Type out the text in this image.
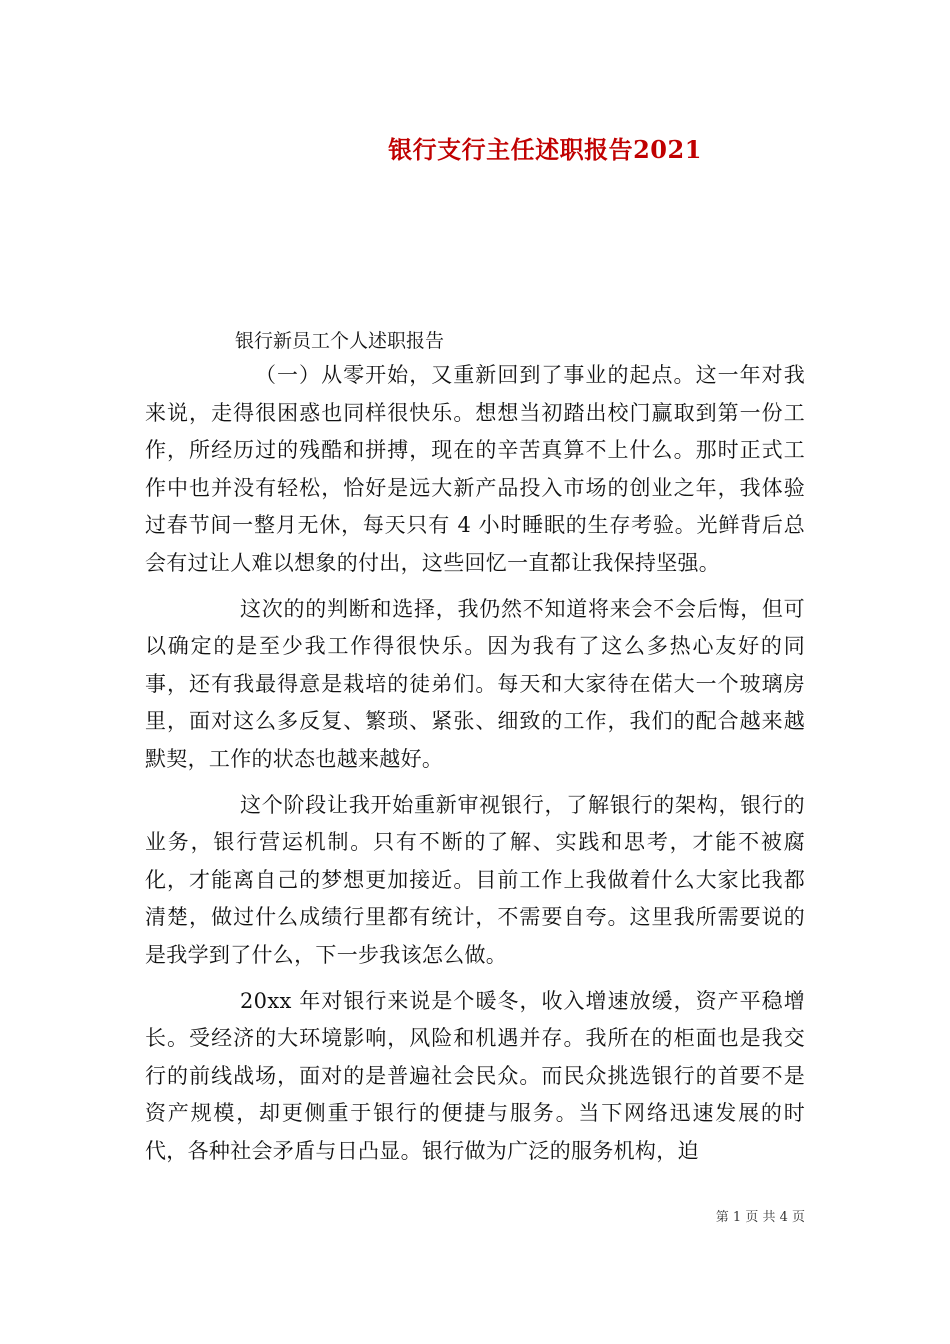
银行支行主任述职报告2021

银行新员工个人述职报告

（一）从零开始，又重新回到了事业的起点。这一年对我来说，走得很困惑也同样很快乐。想想当初踏出校门赢取到第一份工作，所经历过的残酷和拼搏，现在的辛苦真算不上什么。那时正式工作中也并没有轻松，恰好是远大新产品投入市场的创业之年，我体验过春节间一整月无休，每天只有 4 小时睡眠的生存考验。光鲜背后总会有过让人难以想象的付出，这些回忆一直都让我保持坚强。

这次的的判断和选择，我仍然不知道将来会不会后悔，但可以确定的是至少我工作得很快乐。因为我有了这么多热心友好的同事，还有我最得意是栽培的徒弟们。每天和大家待在偌大一个玻璃房里，面对这么多反复、繁琐、紧张、细致的工作，我们的配合越来越默契，工作的状态也越来越好。

这个阶段让我开始重新审视银行，了解银行的架构，银行的业务，银行营运机制。只有不断的了解、实践和思考，才能不被腐化，才能离自己的梦想更加接近。目前工作上我做着什么大家比我都清楚，做过什么成绩行里都有统计，不需要自夸。这里我所需要说的是我学到了什么，下一步我该怎么做。

20xx 年对银行来说是个暖冬，收入增速放缓，资产平稳增长。受经济的大环境影响，风险和机遇并存。我所在的柜面也是我交行的前线战场，面对的是普遍社会民众。而民众挑选银行的首要不是资产规模，却更侧重于银行的便捷与服务。当下网络迅速发展的时代，各种社会矛盾与日凸显。银行做为广泛的服务机构，迫

第 1 页 共 4 页
